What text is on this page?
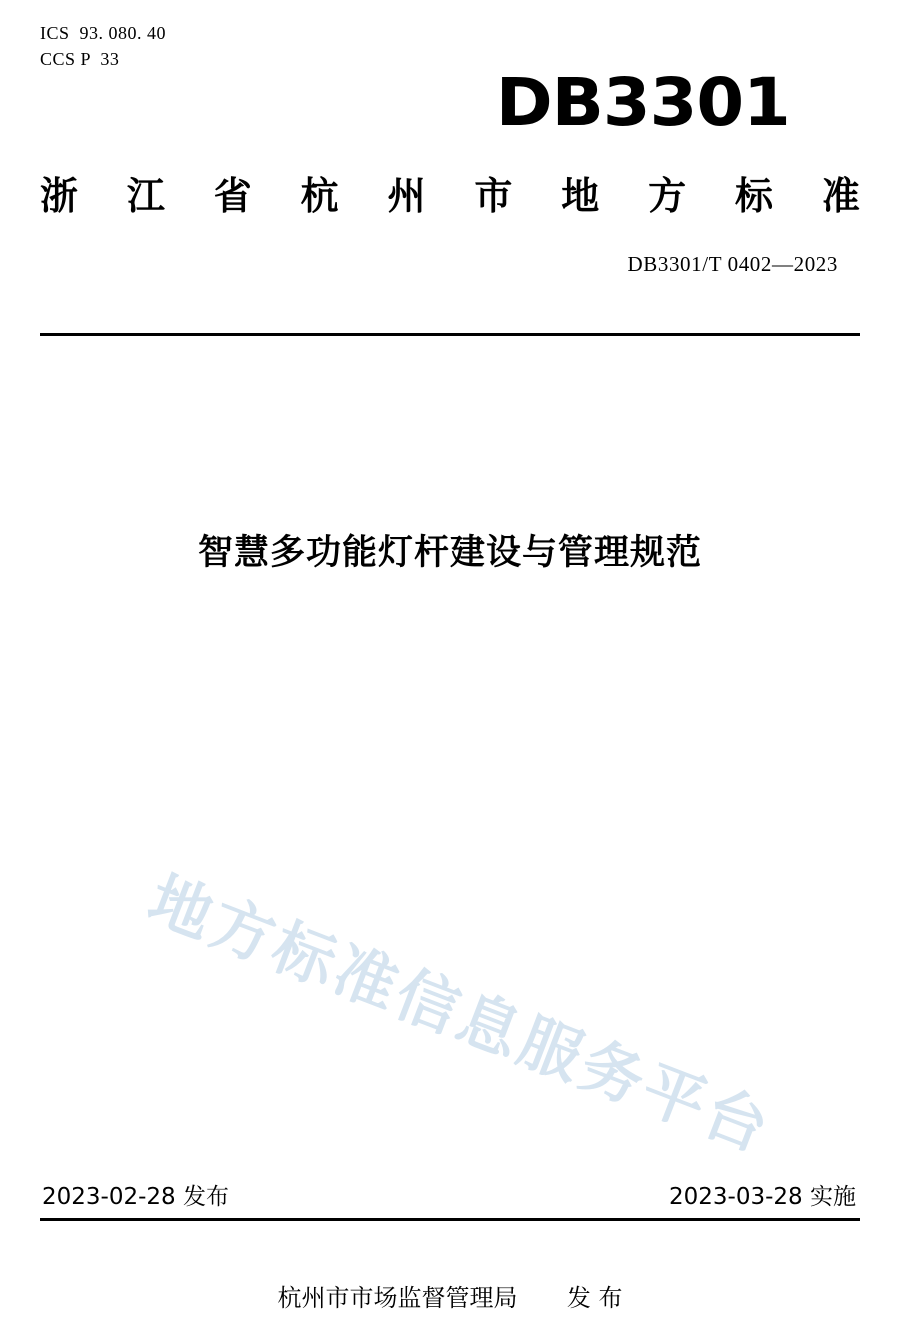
ICS  93. 080. 40
CCS P  33
DB3301
浙 江 省 杭 州 市 地 方 标 准
DB3301/T 0402—2023
智慧多功能灯杆建设与管理规范
地方标准信息服务平台
2023-02-28 发布	2023-03-28 实施
杭州市市场监督管理局 发 布
